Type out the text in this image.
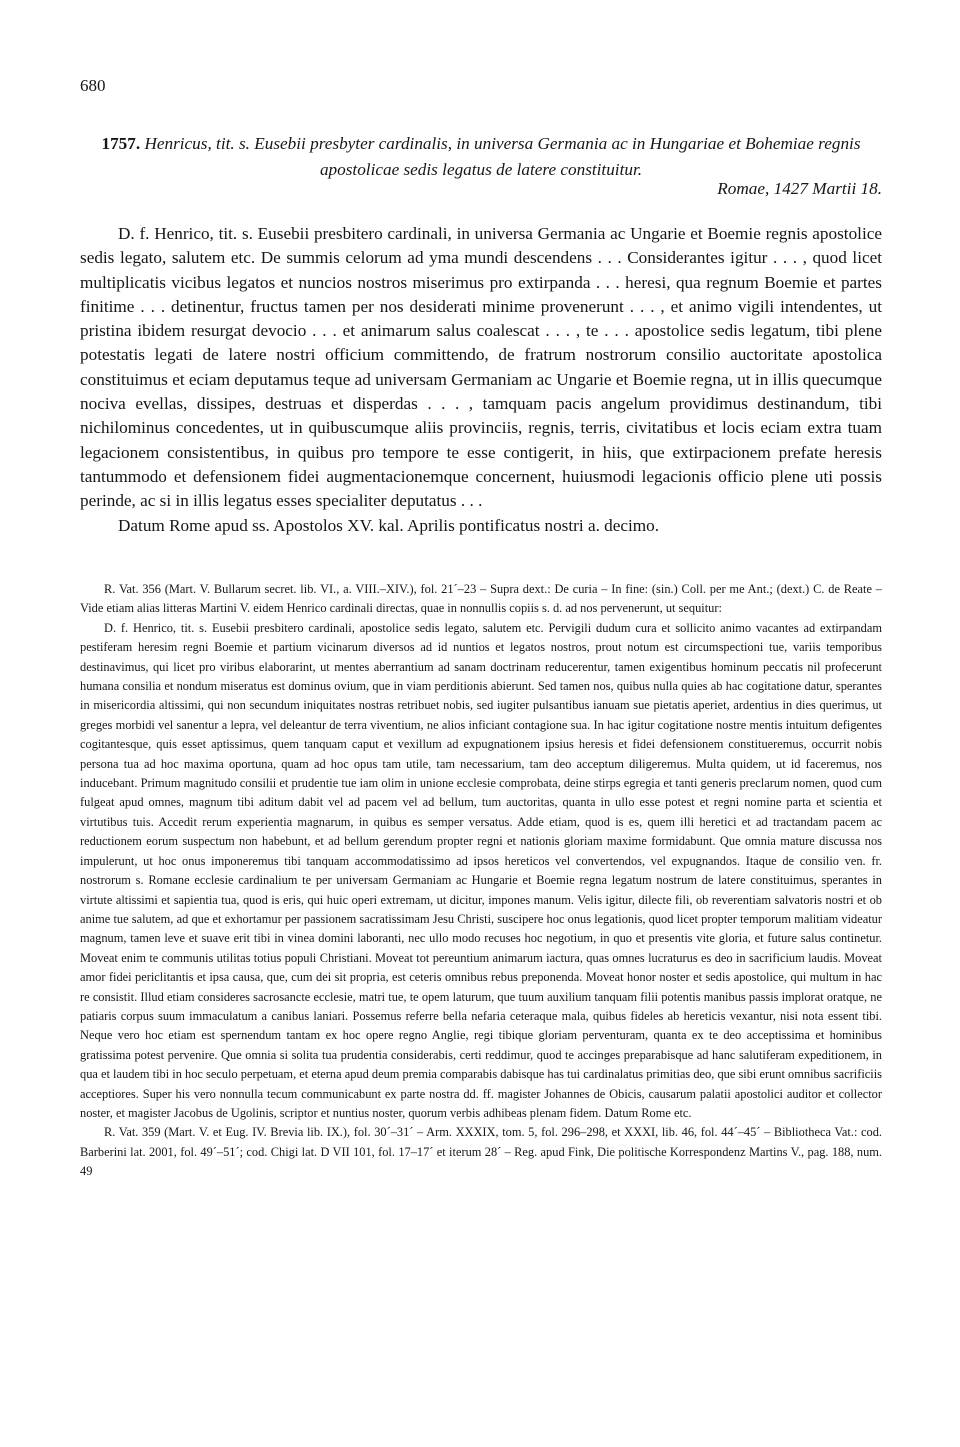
680
1757. Henricus, tit. s. Eusebii presbyter cardinalis, in universa Germania ac in Hungariae et Bohemiae regnis apostolicae sedis legatus de latere constituitur.
Romae, 1427 Martii 18.

D. f. Henrico, tit. s. Eusebii presbitero cardinali, in universa Germania ac Ungarie et Boemie regnis apostolice sedis legato, salutem etc. De summis celorum ad yma mundi descendens . . . Considerantes igitur . . . , quod licet multiplicatis vicibus legatos et nuncios nostros miserimus pro extirpanda . . . heresi, qua regnum Boemie et partes finitime . . . detinentur, fructus tamen per nos desiderati minime provenerunt . . . , et animo vigili intendentes, ut pristina ibidem resurgat devocio . . . et animarum salus coalescat . . . , te . . . apostolice sedis legatum, tibi plene potestatis legati de latere nostri officium committendo, de fratrum nostrorum consilio auctoritate apostolica constituimus et eciam deputamus teque ad universam Germaniam ac Ungarie et Boemie regna, ut in illis quecumque nociva evellas, dissipes, destruas et disperdas . . . , tamquam pacis angelum providimus destinandum, tibi nichilominus concedentes, ut in quibuscumque aliis provinciis, regnis, terris, civitatibus et locis eciam extra tuam legacionem consistentibus, in quibus pro tempore te esse contigerit, in hiis, que extirpacionem prefate heresis tantummodo et defensionem fidei augmentacionemque concernent, huiusmodi legacionis officio plene uti possis perinde, ac si in illis legatus esses specialiter deputatus . . .

Datum Rome apud ss. Apostolos XV. kal. Aprilis pontificatus nostri a. decimo.

R. Vat. 356 (Mart. V. Bullarum secret. lib. VI., a. VIII.–XIV.), fol. 21´–23 – Supra dext.: De curia – In fine: (sin.) Coll. per me Ant.; (dext.) C. de Reate – Vide etiam alias litteras Martini V. eidem Henrico cardinali directas, quae in nonnullis copiis s. d. ad nos pervenerunt, ut sequitur:

D. f. Henrico, tit. s. Eusebii presbitero cardinali, apostolice sedis legato, salutem etc. Pervigili dudum cura et sollicito animo vacantes ad extirpandam pestiferam heresim regni Boemie et partium vicinarum diversos ad id nuntios et legatos nostros, prout notum est circumspectioni tue, variis temporibus destinavimus, qui licet pro viribus elaborarint, ut mentes aberrantium ad sanam doctrinam reducerentur, tamen exigentibus hominum peccatis nil profecerunt humana consilia et nondum miseratus est dominus ovium, que in viam perditionis abierunt. Sed tamen nos, quibus nulla quies ab hac cogitatione datur, sperantes in misericordia altissimi, qui non secundum iniquitates nostras retribuet nobis, sed iugiter pulsantibus ianuam sue pietatis aperiet, ardentius in dies querimus, ut greges morbidi vel sanentur a lepra, vel deleantur de terra viventium, ne alios inficiant contagione sua. In hac igitur cogitatione nostre mentis intuitum defigentes cogitantesque, quis esset aptissimus, quem tanquam caput et vexillum ad expugnationem ipsius heresis et fidei defensionem constitueremus, occurrit nobis persona tua ad hoc maxima oportuna, quam ad hoc opus tam utile, tam necessarium, tam deo acceptum diligeremus. Multa quidem, ut id faceremus, nos inducebant. Primum magnitudo consilii et prudentie tue iam olim in unione ecclesie comprobata, deine stirps egregia et tanti generis preclarum nomen, quod cum fulgeat apud omnes, magnum tibi aditum dabit vel ad pacem vel ad bellum, tum auctoritas, quanta in ullo esse potest et regni nomine parta et scientia et virtutibus tuis. Accedit rerum experientia magnarum, in quibus es semper versatus. Adde etiam, quod is es, quem illi heretici et ad tractandam pacem ac reductionem eorum suspectum non habebunt, et ad bellum gerendum propter regni et nationis gloriam maxime formidabunt. Que omnia mature discussa nos impulerunt, ut hoc onus imponeremus tibi tanquam accommodatissimo ad ipsos hereticos vel convertendos, vel expugnandos. Itaque de consilio ven. fr. nostrorum s. Romane ecclesie cardinalium te per universam Germaniam ac Hungarie et Boemie regna legatum nostrum de latere constituimus, sperantes in virtute altissimi et sapientia tua, quod is eris, qui huic operi extremam, ut dicitur, impones manum. Velis igitur, dilecte fili, ob reverentiam salvatoris nostri et ob anime tue salutem, ad que et exhortamur per passionem sacratissimam Jesu Christi, suscipere hoc onus legationis, quod licet propter temporum malitiam videatur magnum, tamen leve et suave erit tibi in vinea domini laboranti, nec ullo modo recuses hoc negotium, in quo et presentis vite gloria, et future salus continetur. Moveat enim te communis utilitas totius populi Christiani. Moveat tot pereuntium animarum iactura, quas omnes lucraturus es deo in sacrificium laudis. Moveat amor fidei periclitantis et ipsa causa, que, cum dei sit propria, est ceteris omnibus rebus preponenda. Moveat honor noster et sedis apostolice, qui multum in hac re consistit. Illud etiam consideres sacrosancte ecclesie, matri tue, te opem laturum, que tuum auxilium tanquam filii potentis manibus passis implorat oratque, ne patiaris corpus suum immaculatum a canibus laniari. Possemus referre bella nefaria ceteraque mala, quibus fideles ab hereticis vexantur, nisi nota essent tibi. Neque vero hoc etiam est spernendum tantam ex hoc opere regno Anglie, regi tibique gloriam perventuram, quanta ex te deo acceptissima et hominibus gratissima potest pervenire. Que omnia si solita tua prudentia considerabis, certi reddimur, quod te accinges preparabisque ad hanc salutiferam expeditionem, in qua et laudem tibi in hoc seculo perpetuam, et eterna apud deum premia comparabis dabisque has tui cardinalatus primitias deo, que sibi erunt omnibus sacrificiis acceptiores. Super his vero nonnulla tecum communicabunt ex parte nostra dd. ff. magister Johannes de Obicis, causarum palatii apostolici auditor et collector noster, et magister Jacobus de Ugolinis, scriptor et nuntius noster, quorum verbis adhibeas plenam fidem. Datum Rome etc.

R. Vat. 359 (Mart. V. et Eug. IV. Brevia lib. IX.), fol. 30´–31´ – Arm. XXXIX, tom. 5, fol. 296–298, et XXXI, lib. 46, fol. 44´–45´ – Bibliotheca Vat.: cod. Barberini lat. 2001, fol. 49´–51´; cod. Chigi lat. D VII 101, fol. 17–17´ et iterum 28´ – Reg. apud Fink, Die politische Korrespondenz Martins V., pag. 188, num. 49
